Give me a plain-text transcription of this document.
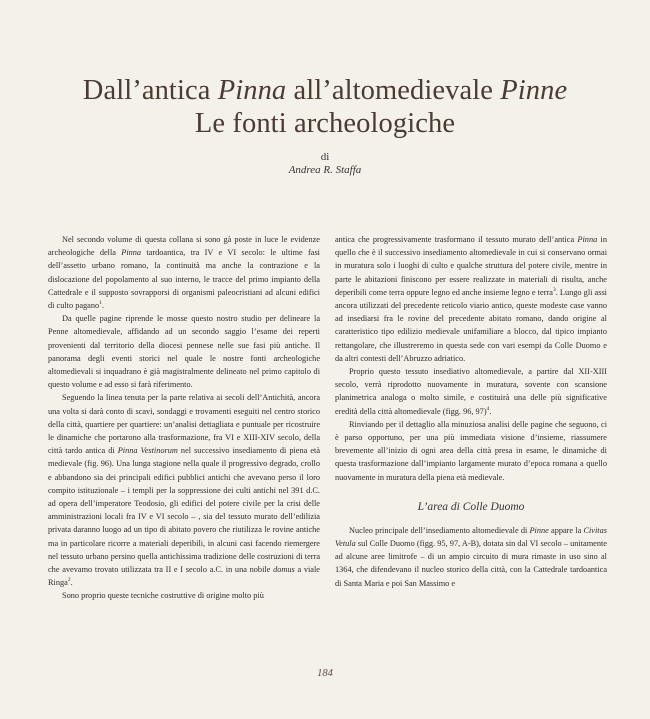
Dall’antica Pinna all’altomedievale Pinne
Le fonti archeologiche
di
Andrea R. Staffa

Nel secondo volume di questa collana si sono gà poste in luce le evidenze archeologiche della Pinna tardoantica, tra IV e VI secolo: le ultime fasi dell’assetto urbano romano, la continuità ma anche la contrazione e la dislocazione del popolamento al suo interno, le tracce del primo impianto della Cattedrale e il supposto sovrapporsi di organismi paleocristiani ad alcuni edifici di culto pagano$^1$.

Da quelle pagine riprende le mosse questo nostro studio per delineare la Penne altomedievale, affidando ad un secondo saggio l’esame dei reperti provenienti dal territorio della diocesi pennese nelle sue fasi più antiche. Il panorama degli eventi storici nel quale le nostre fonti archeologiche altomedievali si inquadrano è già magistralmente delineato nel primo capitolo di questo volume e ad esso si farà riferimento.

Seguendo la linea tenuta per la parte relativa ai secoli dell’Antichità, ancora una volta si darà conto di scavi, sondaggi e trovamenti eseguiti nel centro storico della città, quartiere per quartiere: un’analisi dettagliata e puntuale per ricostruire le dinamiche che portarono alla trasformazione, fra VI e XIII-XIV secolo, della città tardo antica di Pinna Vestinorum nel successivo insediamento di piena età medievale (fig. 96). Una lunga stagione nella quale il progressivo degrado, crollo e abbandono sia dei principali edifici pubblici antichi che avevano perso il loro compito istituzionale – i templi per la soppressione dei culti antichi nel 391 d.C. ad opera dell’imperatore Teodosio, gli edifici del potere civile per la crisi delle amministrazioni locali fra IV e VI secolo – , sia del tessuto murato dell’edilizia privata daranno luogo ad un tipo di abitato povero che riutilizza le rovine antiche ma in particolare ricorre a materiali deperibili, in alcuni casi facendo riemergere nel tessuto urbano persino quella antichissima tradizione delle costruzioni di terra che avevamo trovato utilizzata tra II e I secolo a.C. in una nobile domus a viale Ringa$^2$.

Sono proprio queste tecniche costruttive di origine molto più

antica che progressivamente trasformano il tessuto murato dell’antica Pinna in quello che è il successivo insediamento altomedievale in cui si conservano ormai in muratura solo i luoghi di culto e qualche struttura del potere civile, mentre in parte le abitazioni finiscono per essere realizzate in materiali di risulta, anche deperibili come terra oppure legno ed anche insieme legno e terra$^3$. Lungo gli assi ancora utilizzati del precedente reticolo viario antico, queste modeste case vanno ad insediarsi fra le rovine del precedente abitato romano, dando origine al caratteristico tipo edilizio medievale unifamiliare a blocco, dal tipico impianto rettangolare, che illustreremo in questa sede con vari esempi da Colle Duomo e da altri contesti dell’Abruzzo adriatico.

Proprio questo tessuto insediativo altomedievale, a partire dal XII-XIII secolo, verrà riprodotto nuovamente in muratura, sovente con scansione planimetrica analoga o molto simile, e costituirà una delle più significative eredità della città altomedievale (figg. 96, 97)$^4$.

Rinviando per il dettaglio alla minuziosa analisi delle pagine che seguono, ci è parso opportuno, per una più immediata visione d’insieme, riassumere brevemente all’inizio di ogni area della città presa in esame, le dinamiche di questa trasformazione dall’impianto largamente murato d’epoca romana a quello nuovamente in muratura della piena età medievale.

L’area di Colle Duomo

Nucleo principale dell’insediamento altomedievale di Pinne appare la Civitas Vetula sul Colle Duomo (figg. 95, 97, A-B), dotata sin dal VI secolo – unitamente ad alcune aree limitrofe – di un ampio circuito di mura rimaste in uso sino al 1364, che difendevano il nucleo storico della città, con la Cattedrale tardoantica di Santa Maria e poi San Massimo e

184
